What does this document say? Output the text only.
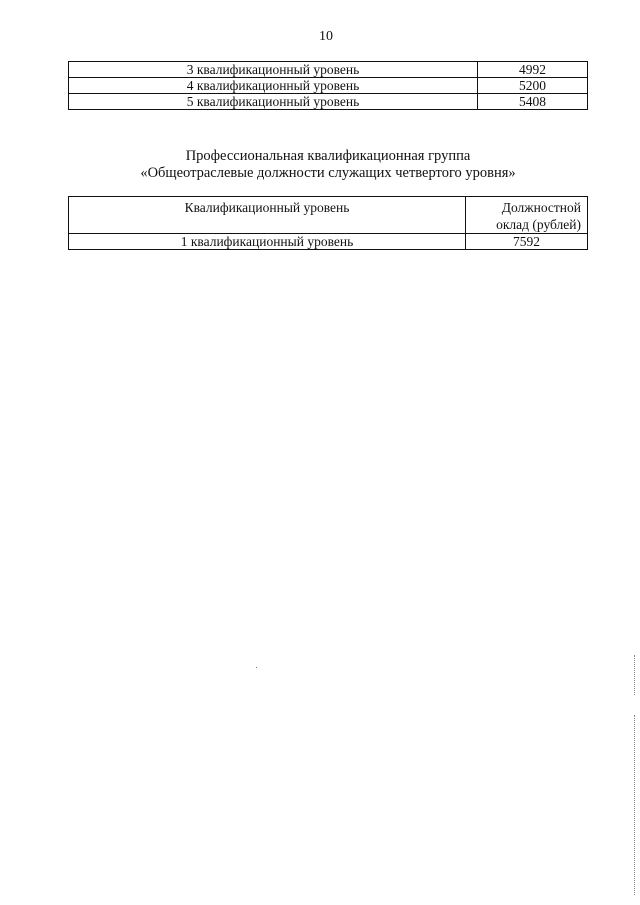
10
3 квалификационный уровень	4992
4 квалификационный уровень	5200
5 квалификационный уровень	5408
Профессиональная квалификационная группа
«Общеотраслевые должности служащих четвертого уровня»
Квалификационный уровень	Должностной
оклад (рублей)

1 квалификационный уровень	7592
